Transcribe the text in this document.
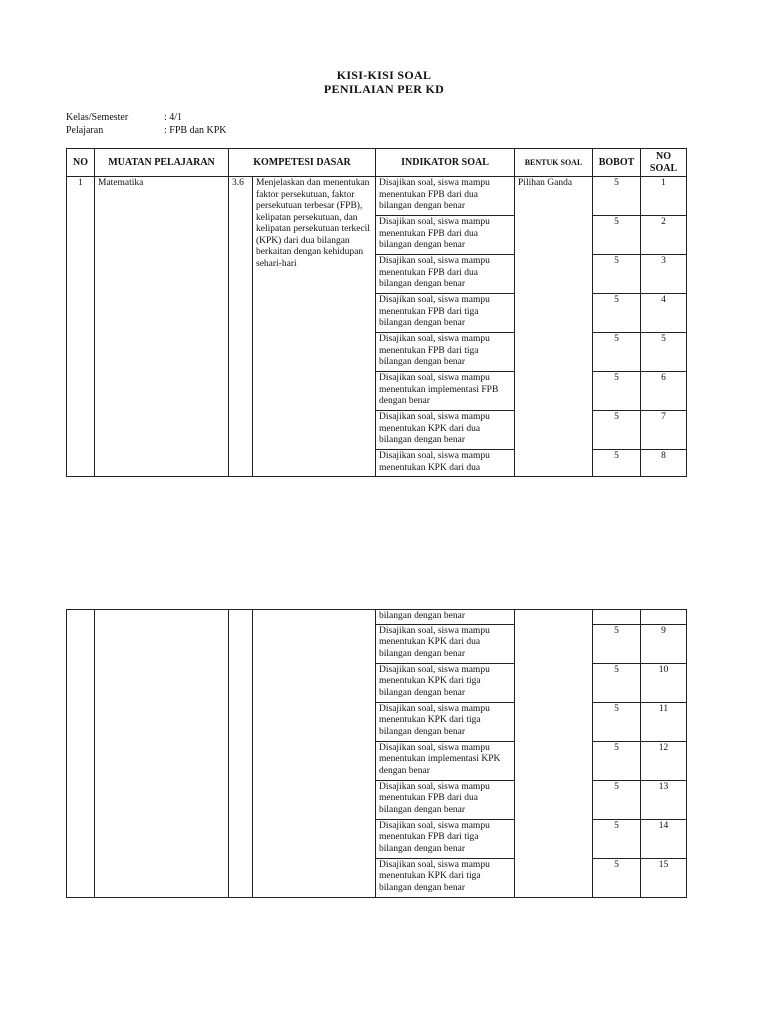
KISI-KISI SOAL
PENILAIAN PER KD
Kelas/Semester	: 4/1
Pelajaran	: FPB dan KPK
NO	MUATAN PELAJARAN	KOMPETESI DASAR		INDIKATOR SOAL	BENTUK SOAL	BOBOT	NO SOAL
1	Matematika	3.6	Menjelaskan dan menentukan faktor persekutuan, faktor persekutuan terbesar (FPB), kelipatan persekutuan, dan kelipatan persekutuan terkecil (KPK) dari dua bilangan berkaitan dengan kehidupan sehari-hari	Disajikan soal, siswa mampu menentukan FPB dari dua bilangan dengan benar	Pilihan Ganda	5	1
				Disajikan soal, siswa mampu menentukan FPB dari dua bilangan dengan benar		5	2
				Disajikan soal, siswa mampu menentukan FPB dari dua bilangan dengan benar		5	3
				Disajikan soal, siswa mampu menentukan FPB dari tiga bilangan dengan benar		5	4
				Disajikan soal, siswa mampu menentukan FPB dari tiga bilangan dengan benar		5	5
				Disajikan soal, siswa mampu menentukan implementasi FPB dengan benar		5	6
				Disajikan soal, siswa mampu menentukan KPK dari dua bilangan dengan benar		5	7
				Disajikan soal, siswa mampu menentukan KPK dari dua		5	8
				bilangan dengan benar			
				Disajikan soal, siswa mampu menentukan KPK dari dua bilangan dengan benar		5	9
				Disajikan soal, siswa mampu menentukan KPK dari tiga bilangan dengan benar		5	10
				Disajikan soal, siswa mampu menentukan KPK dari tiga bilangan dengan benar		5	11
				Disajikan soal, siswa mampu menentukan implementasi KPK dengan benar		5	12
				Disajikan soal, siswa mampu menentukan FPB dari dua bilangan dengan benar		5	13
				Disajikan soal, siswa mampu menentukan FPB dari tiga bilangan dengan benar		5	14
				Disajikan soal, siswa mampu menentukan KPK dari tiga bilangan dengan benar		5	15
